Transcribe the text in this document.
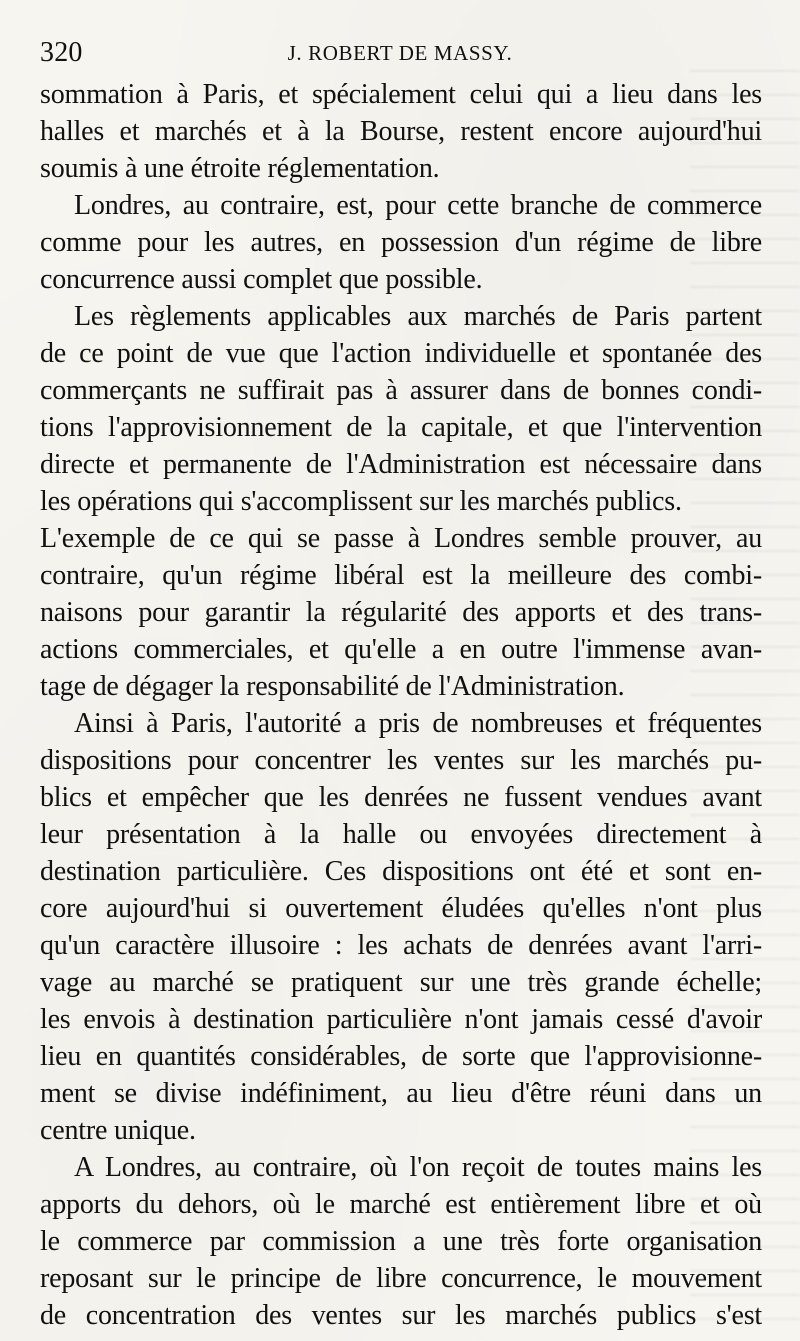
320	J. ROBERT DE MASSY.
sommation à Paris, et spécialement celui qui a lieu dans les
halles et marchés et à la Bourse, restent encore aujourd'hui
soumis à une étroite réglementation.
Londres, au contraire, est, pour cette branche de commerce
comme pour les autres, en possession d'un régime de libre
concurrence aussi complet que possible.
Les règlements applicables aux marchés de Paris partent
de ce point de vue que l'action individuelle et spontanée des
commerçants ne suffirait pas à assurer dans de bonnes condi-
tions l'approvisionnement de la capitale, et que l'intervention
directe et permanente de l'Administration est nécessaire dans
les opérations qui s'accomplissent sur les marchés publics.
L'exemple de ce qui se passe à Londres semble prouver, au
contraire, qu'un régime libéral est la meilleure des combi-
naisons pour garantir la régularité des apports et des trans-
actions commerciales, et qu'elle a en outre l'immense avan-
tage de dégager la responsabilité de l'Administration.
Ainsi à Paris, l'autorité a pris de nombreuses et fréquentes
dispositions pour concentrer les ventes sur les marchés pu-
blics et empêcher que les denrées ne fussent vendues avant
leur présentation à la halle ou envoyées directement à
destination particulière. Ces dispositions ont été et sont en-
core aujourd'hui si ouvertement éludées qu'elles n'ont plus
qu'un caractère illusoire : les achats de denrées avant l'arri-
vage au marché se pratiquent sur une très grande échelle;
les envois à destination particulière n'ont jamais cessé d'avoir
lieu en quantités considérables, de sorte que l'approvisionne-
ment se divise indéfiniment, au lieu d'être réuni dans un
centre unique.
A Londres, au contraire, où l'on reçoit de toutes mains les
apports du dehors, où le marché est entièrement libre et où
le commerce par commission a une très forte organisation
reposant sur le principe de libre concurrence, le mouvement
de concentration des ventes sur les marchés publics s'est
